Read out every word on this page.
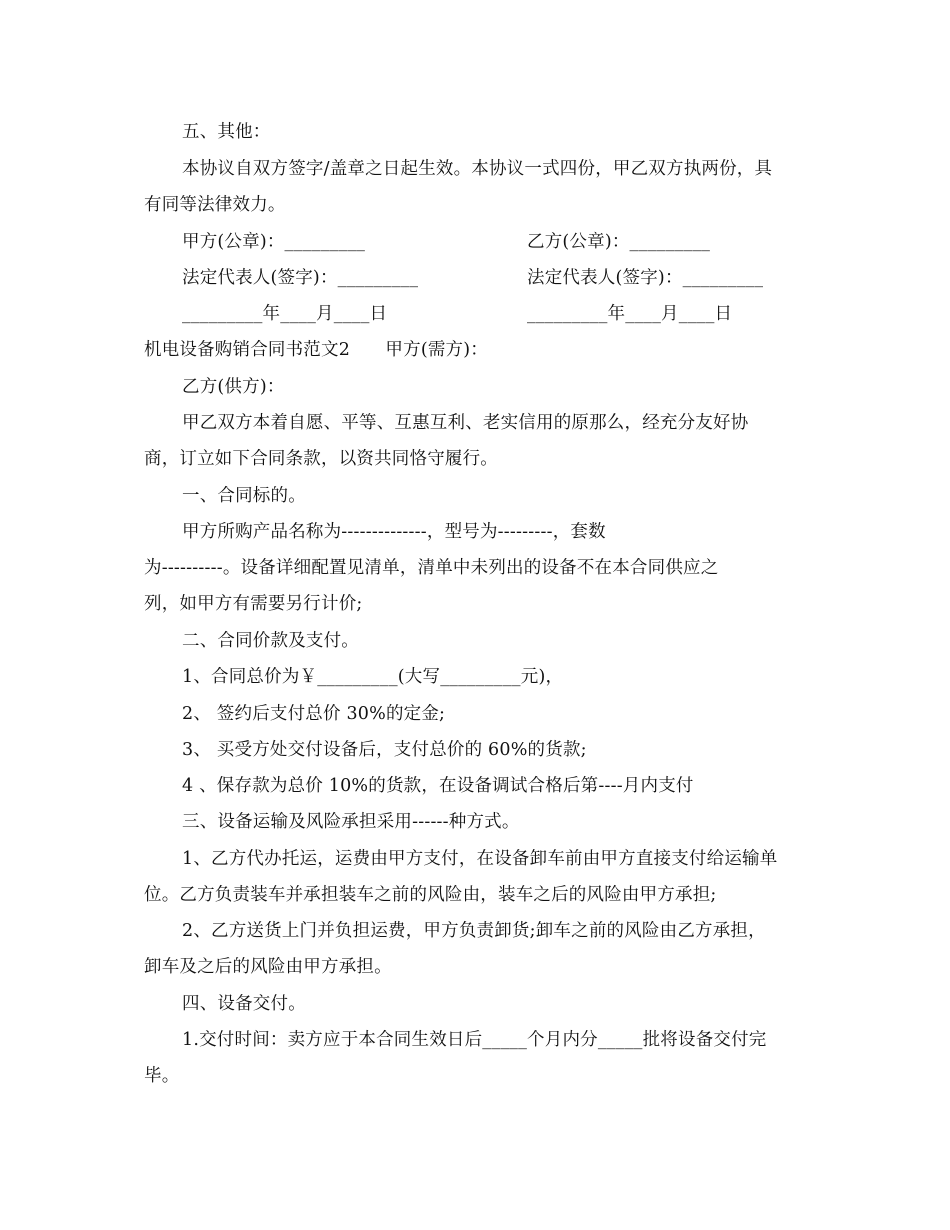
五、其他：
本协议自双方签字/盖章之日起生效。本协议一式四份，甲乙双方执两份，具
有同等法律效力。
甲方(公章)：_________	乙方(公章)：_________
法定代表人(签字)：_________	法定代表人(签字)：_________
_________年____月____日	_________年____月____日
机电设备购销合同书范文2　　甲方(需方)：
乙方(供方)：
甲乙双方本着自愿、平等、互惠互利、老实信用的原那么，经充分友好协
商，订立如下合同条款，以资共同恪守履行。
一、合同标的。
甲方所购产品名称为--------------，型号为---------，套数
为----------。设备详细配置见清单，清单中未列出的设备不在本合同供应之
列，如甲方有需要另行计价;
二、合同价款及支付。
1、合同总价为￥_________(大写_________元)，
2、 签约后支付总价 30%的定金;
3、 买受方处交付设备后，支付总价的 60%的货款;
4 、保存款为总价 10%的货款，在设备调试合格后第----月内支付
三、设备运输及风险承担采用------种方式。
1、乙方代办托运，运费由甲方支付，在设备卸车前由甲方直接支付给运输单
位。乙方负责装车并承担装车之前的风险由，装车之后的风险由甲方承担;
2、乙方送货上门并负担运费，甲方负责卸货;卸车之前的风险由乙方承担，
卸车及之后的风险由甲方承担。
四、设备交付。
1.交付时间：卖方应于本合同生效日后_____个月内分_____批将设备交付完
毕。
